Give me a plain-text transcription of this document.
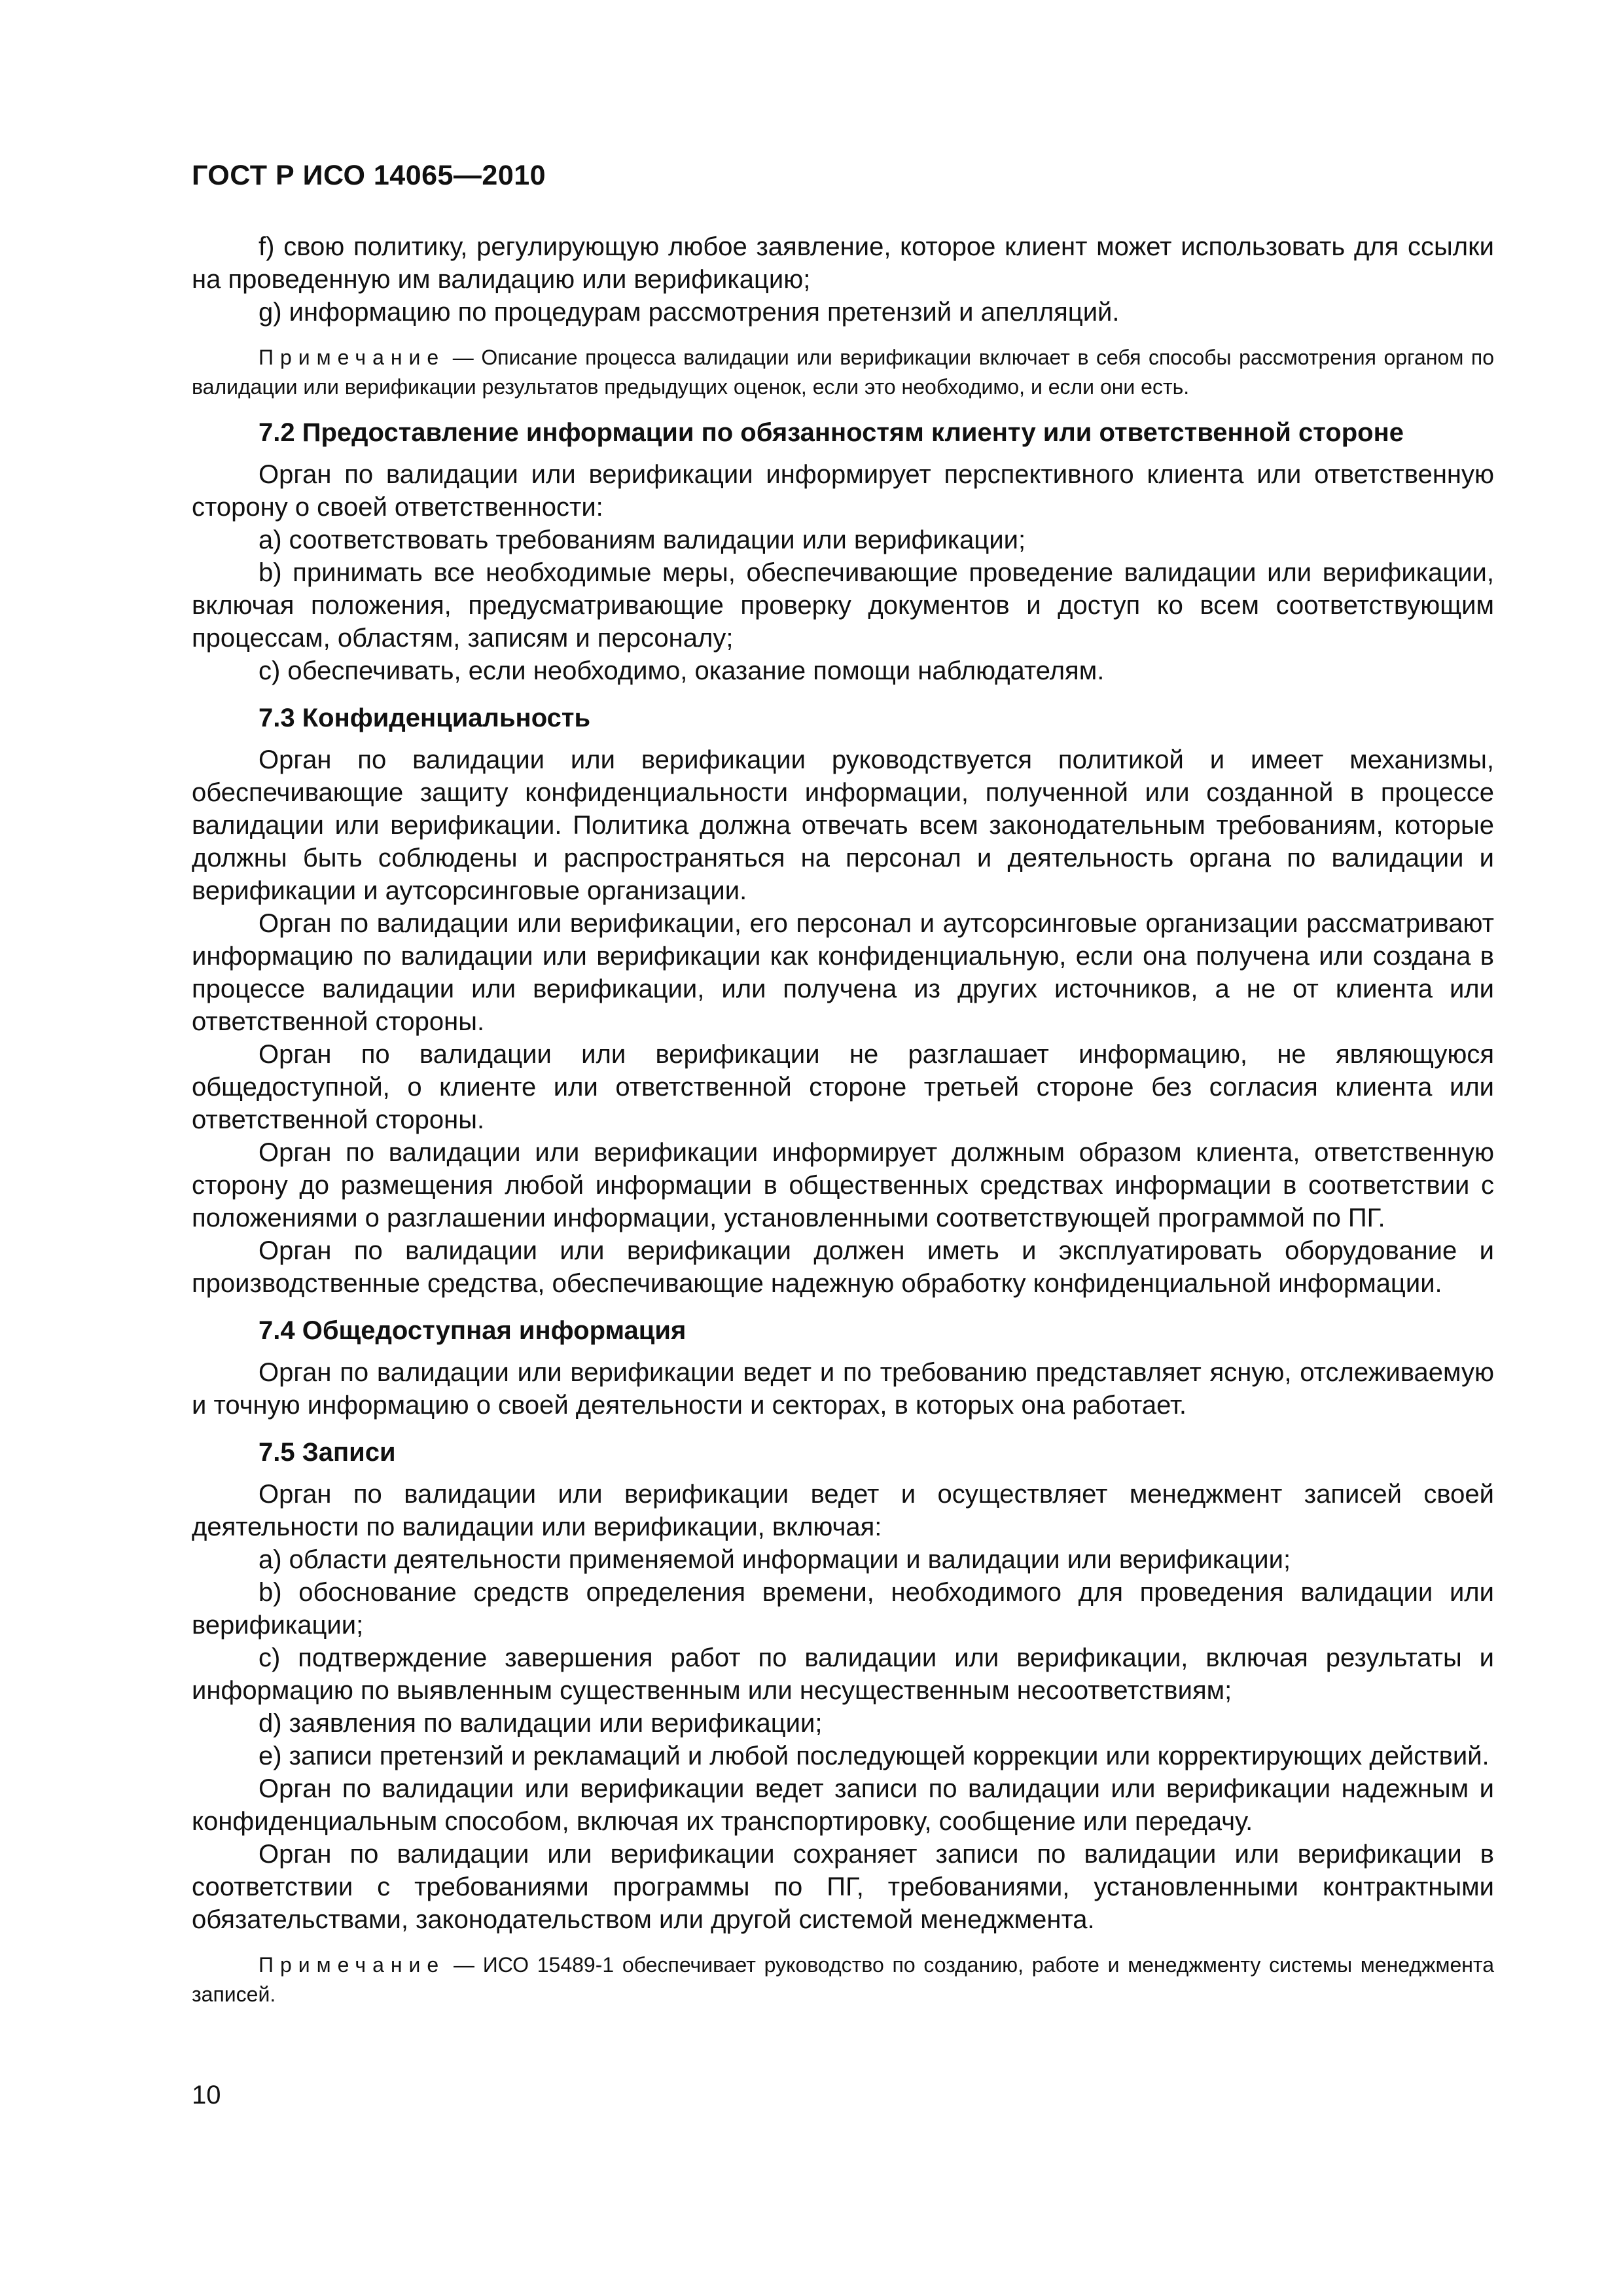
ГОСТ Р ИСО 14065—2010

f) свою политику, регулирующую любое заявление, которое клиент может использовать для ссылки на проведенную им валидацию или верификацию;

g) информацию по процедурам рассмотрения претензий и апелляций.

Примечание — Описание процесса валидации или верификации включает в себя способы рассмотрения органом по валидации или верификации результатов предыдущих оценок, если это необходимо, и если они есть.

7.2 Предоставление информации по обязанностям клиенту или ответственной стороне

Орган по валидации или верификации информирует перспективного клиента или ответственную сторону о своей ответственности:

a) соответствовать требованиям валидации или верификации;

b) принимать все необходимые меры, обеспечивающие проведение валидации или верификации, включая положения, предусматривающие проверку документов и доступ ко всем соответствующим процессам, областям, записям и персоналу;

c) обеспечивать, если необходимо, оказание помощи наблюдателям.

7.3 Конфиденциальность

Орган по валидации или верификации руководствуется политикой и имеет механизмы, обеспечивающие защиту конфиденциальности информации, полученной или созданной в процессе валидации или верификации. Политика должна отвечать всем законодательным требованиям, которые должны быть соблюдены и распространяться на персонал и деятельность органа по валидации и верификации и аутсорсинговые организации.

Орган по валидации или верификации, его персонал и аутсорсинговые организации рассматривают информацию по валидации или верификации как конфиденциальную, если она получена или создана в процессе валидации или верификации, или получена из других источников, а не от клиента или ответственной стороны.

Орган по валидации или верификации не разглашает информацию, не являющуюся общедоступной, о клиенте или ответственной стороне третьей стороне без согласия клиента или ответственной стороны.

Орган по валидации или верификации информирует должным образом клиента, ответственную сторону до размещения любой информации в общественных средствах информации в соответствии с положениями о разглашении информации, установленными соответствующей программой по ПГ.

Орган по валидации или верификации должен иметь и эксплуатировать оборудование и производственные средства, обеспечивающие надежную обработку конфиденциальной информации.

7.4 Общедоступная информация

Орган по валидации или верификации ведет и по требованию представляет ясную, отслеживаемую и точную информацию о своей деятельности и секторах, в которых она работает.

7.5 Записи

Орган по валидации или верификации ведет и осуществляет менеджмент записей своей деятельности по валидации или верификации, включая:

a) области деятельности применяемой информации и валидации или верификации;

b) обоснование средств определения времени, необходимого для проведения валидации или верификации;

c) подтверждение завершения работ по валидации или верификации, включая результаты и информацию по выявленным существенным или несущественным несоответствиям;

d) заявления по валидации или верификации;

e) записи претензий и рекламаций и любой последующей коррекции или корректирующих действий.

Орган по валидации или верификации ведет записи по валидации или верификации надежным и конфиденциальным способом, включая их транспортировку, сообщение или передачу.

Орган по валидации или верификации сохраняет записи по валидации или верификации в соответствии с требованиями программы по ПГ, требованиями, установленными контрактными обязательствами, законодательством или другой системой менеджмента.

Примечание — ИСО 15489-1 обеспечивает руководство по созданию, работе и менеджменту системы менеджмента записей.

10
